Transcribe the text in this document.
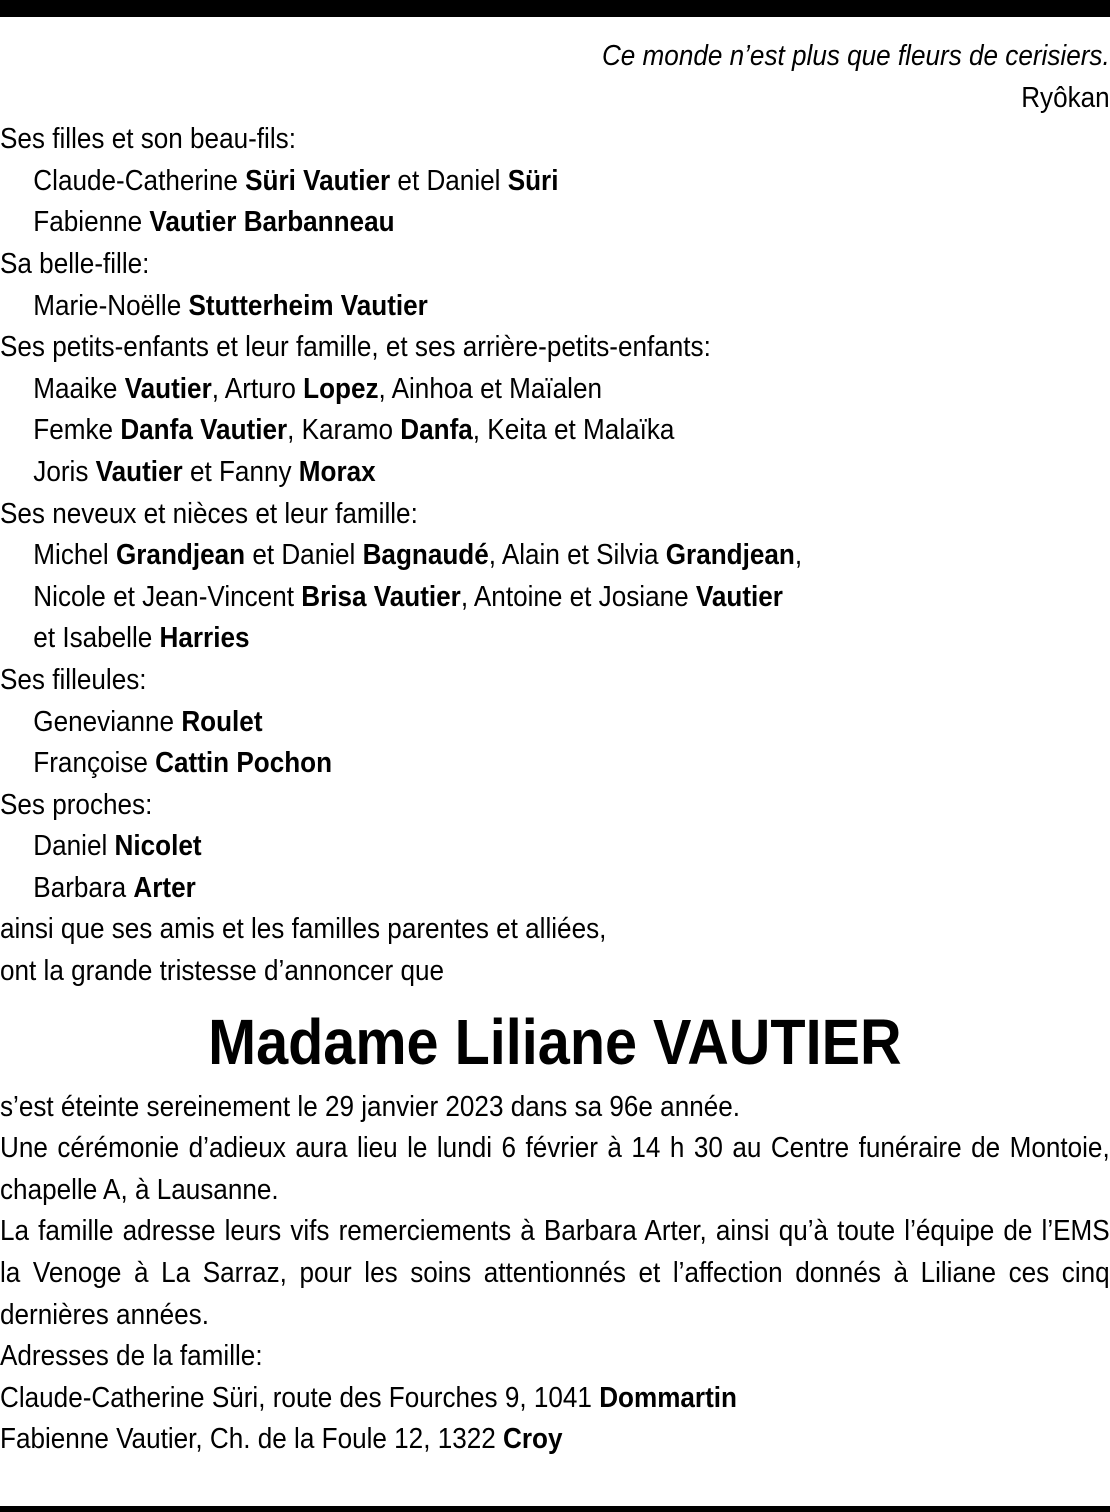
Ce monde n’est plus que fleurs de cerisiers.
Ryôkan
Ses filles et son beau-fils:
Claude-Catherine Süri Vautier et Daniel Süri
Fabienne Vautier Barbanneau
Sa belle-fille:
Marie-Noëlle Stutterheim Vautier
Ses petits-enfants et leur famille, et ses arrière-petits-enfants:
Maaike Vautier, Arturo Lopez, Ainhoa et Maïalen
Femke Danfa Vautier, Karamo Danfa, Keita et Malaïka
Joris Vautier et Fanny Morax
Ses neveux et nièces et leur famille:
Michel Grandjean et Daniel Bagnaudé, Alain et Silvia Grandjean,
Nicole et Jean-Vincent Brisa Vautier, Antoine et Josiane Vautier
et Isabelle Harries
Ses filleules:
Genevianne Roulet
Françoise Cattin Pochon
Ses proches:
Daniel Nicolet
Barbara Arter
ainsi que ses amis et les familles parentes et alliées,
ont la grande tristesse d’annoncer que
Madame Liliane VAUTIER
s’est éteinte sereinement le 29 janvier 2023 dans sa 96e année.
Une cérémonie d’adieux aura lieu le lundi 6 février à 14 h 30 au Centre funéraire de Montoie, chapelle A, à Lausanne.
La famille adresse leurs vifs remerciements à Barbara Arter, ainsi qu’à toute l’équipe de l’EMS la Venoge à La Sarraz, pour les soins attentionnés et l’affection donnés à Liliane ces cinq dernières années.
Adresses de la famille:
Claude-Catherine Süri, route des Fourches 9, 1041 Dommartin
Fabienne Vautier, Ch. de la Foule 12, 1322 Croy
